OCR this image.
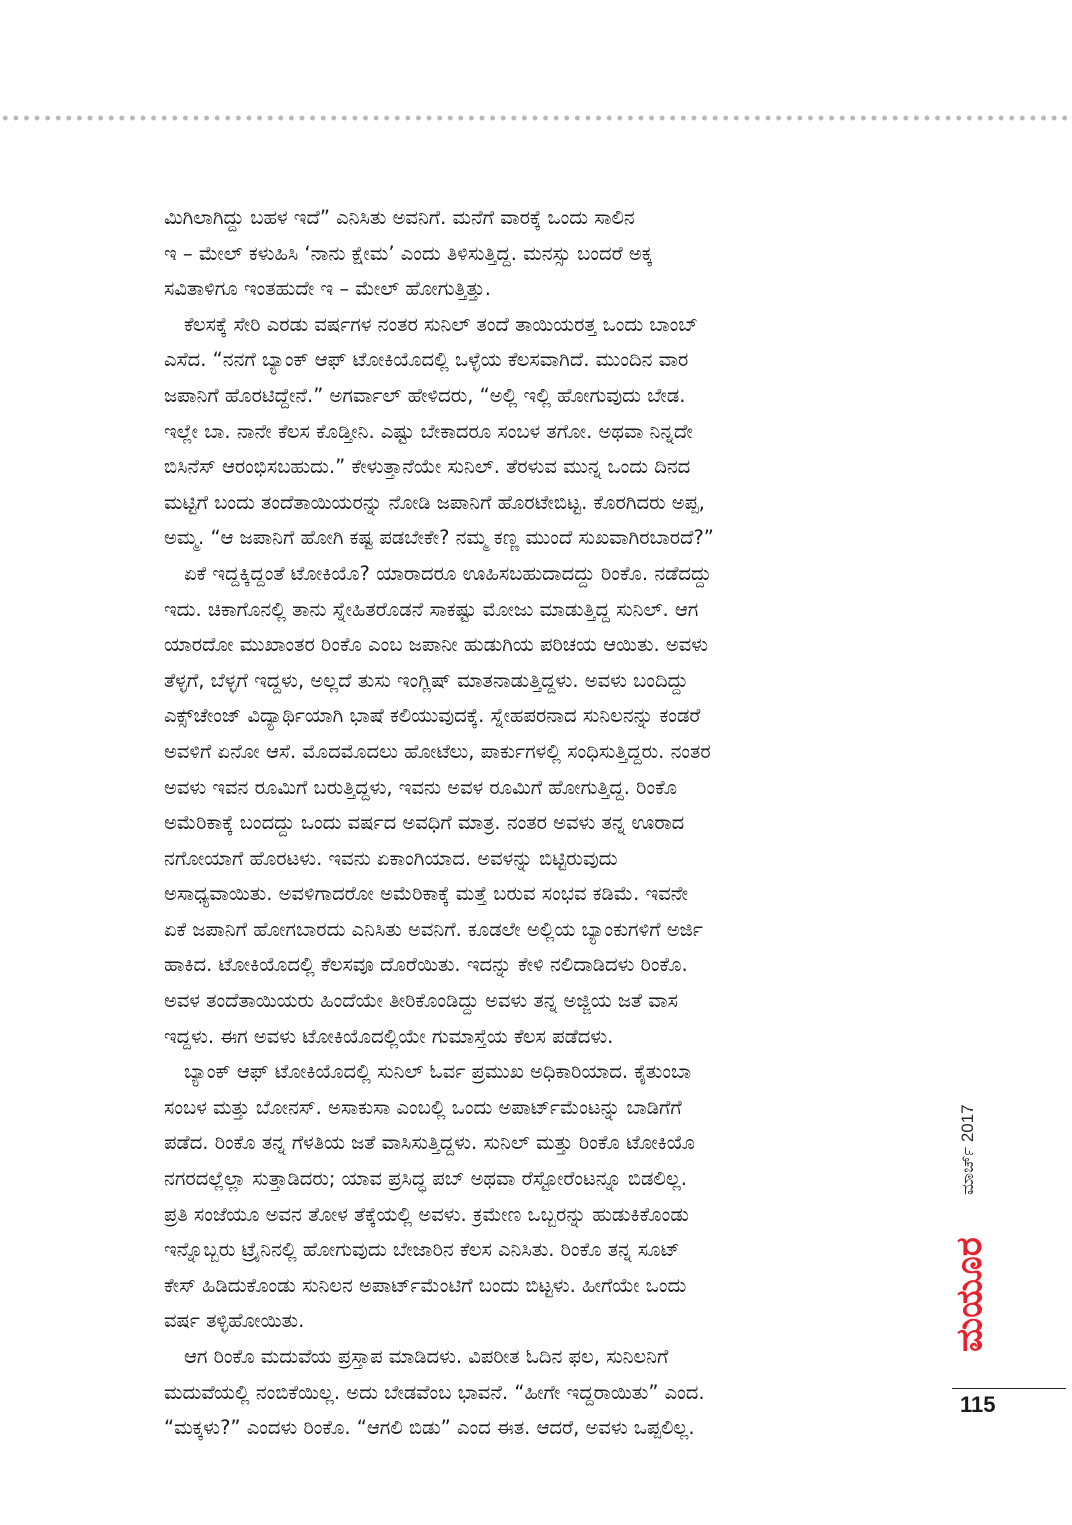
ಮಿಗಿಲಾಗಿದ್ದು ಬಹಳ ಇದೆ” ಎನಿಸಿತು ಅವನಿಗೆ. ಮನೆಗೆ ವಾರಕ್ಕೆ ಒಂದು ಸಾಲಿನ
ಇ – ಮೇಲ್ ಕಳುಹಿಸಿ ‘ನಾನು ಕ್ಷೇಮ’ ಎಂದು ತಿಳಿಸುತ್ತಿದ್ದ. ಮನಸ್ಸು ಬಂದರೆ ಅಕ್ಕ
ಸವಿತಾಳಿಗೂ ಇಂತಹುದೇ ಇ – ಮೇಲ್ ಹೋಗುತ್ತಿತ್ತು.
ಕೆಲಸಕ್ಕೆ ಸೇರಿ ಎರಡು ವರ್ಷಗಳ ನಂತರ ಸುನಿಲ್ ತಂದೆ ತಾಯಿಯರತ್ತ ಒಂದು ಬಾಂಬ್
ಎಸೆದ. “ನನಗೆ ಬ್ಯಾಂಕ್ ಆಫ್ ಟೋಕಿಯೊದಲ್ಲಿ ಒಳ್ಳೆಯ ಕೆಲಸವಾಗಿದೆ. ಮುಂದಿನ ವಾರ
ಜಪಾನಿಗೆ ಹೊರಟಿದ್ದೇನೆ.” ಅಗರ್ವಾಲ್ ಹೇಳಿದರು, “ಅಲ್ಲಿ ಇಲ್ಲಿ ಹೋಗುವುದು ಬೇಡ.
ಇಲ್ಲೇ ಬಾ. ನಾನೇ ಕೆಲಸ ಕೊಡ್ತೀನಿ. ಎಷ್ಟು ಬೇಕಾದರೂ ಸಂಬಳ ತಗೋ. ಅಥವಾ ನಿನ್ನದೇ
ಬಿಸಿನೆಸ್ ಆರಂಭಿಸಬಹುದು.” ಕೇಳುತ್ತಾನೆಯೇ ಸುನಿಲ್. ತೆರಳುವ ಮುನ್ನ ಒಂದು ದಿನದ
ಮಟ್ಟಿಗೆ ಬಂದು ತಂದೆತಾಯಿಯರನ್ನು ನೋಡಿ ಜಪಾನಿಗೆ ಹೊರಟೇಬಿಟ್ಟ. ಕೊರಗಿದರು ಅಪ್ಪ,
ಅಮ್ಮ. “ಆ ಜಪಾನಿಗೆ ಹೋಗಿ ಕಷ್ಟ ಪಡಬೇಕೇ? ನಮ್ಮ ಕಣ್ಣ ಮುಂದೆ ಸುಖವಾಗಿರಬಾರದೆ?”
ಏಕೆ ಇದ್ದಕ್ಕಿದ್ದಂತೆ ಟೋಕಿಯೊ? ಯಾರಾದರೂ ಊಹಿಸಬಹುದಾದದ್ದು ರಿಂಕೊ. ನಡೆದದ್ದು
ಇದು. ಚಿಕಾಗೊನಲ್ಲಿ ತಾನು ಸ್ನೇಹಿತರೊಡನೆ ಸಾಕಷ್ಟು ಮೋಜು ಮಾಡುತ್ತಿದ್ದ ಸುನಿಲ್. ಆಗ
ಯಾರದೋ ಮುಖಾಂತರ ರಿಂಕೊ ಎಂಬ ಜಪಾನೀ ಹುಡುಗಿಯ ಪರಿಚಯ ಆಯಿತು. ಅವಳು
ತೆಳ್ಳಗೆ, ಬೆಳ್ಳಗೆ ಇದ್ದಳು, ಅಲ್ಲದೆ ತುಸು ಇಂಗ್ಲಿಷ್ ಮಾತನಾಡುತ್ತಿದ್ದಳು. ಅವಳು ಬಂದಿದ್ದು
ಎಕ್ಸ್‌ಚೇಂಜ್ ವಿದ್ಯಾರ್ಥಿಯಾಗಿ ಭಾಷೆ ಕಲಿಯುವುದಕ್ಕೆ. ಸ್ನೇಹಪರನಾದ ಸುನಿಲನನ್ನು ಕಂಡರೆ
ಅವಳಿಗೆ ಏನೋ ಆಸೆ. ಮೊದಮೊದಲು ಹೋಟೆಲು, ಪಾರ್ಕುಗಳಲ್ಲಿ ಸಂಧಿಸುತ್ತಿದ್ದರು. ನಂತರ
ಅವಳು ಇವನ ರೂಮಿಗೆ ಬರುತ್ತಿದ್ದಳು, ಇವನು ಅವಳ ರೂಮಿಗೆ ಹೋಗುತ್ತಿದ್ದ. ರಿಂಕೊ
ಅಮೆರಿಕಾಕ್ಕೆ ಬಂದದ್ದು ಒಂದು ವರ್ಷದ ಅವಧಿಗೆ ಮಾತ್ರ. ನಂತರ ಅವಳು ತನ್ನ ಊರಾದ
ನಗೋಯಾಗೆ ಹೊರಟಳು. ಇವನು ಏಕಾಂಗಿಯಾದ. ಅವಳನ್ನು ಬಿಟ್ಟಿರುವುದು
ಅಸಾಧ್ಯವಾಯಿತು. ಅವಳಿಗಾದರೋ ಅಮೆರಿಕಾಕ್ಕೆ ಮತ್ತೆ ಬರುವ ಸಂಭವ ಕಡಿಮೆ. ಇವನೇ
ಏಕೆ ಜಪಾನಿಗೆ ಹೋಗಬಾರದು ಎನಿಸಿತು ಅವನಿಗೆ. ಕೂಡಲೇ ಅಲ್ಲಿಯ ಬ್ಯಾಂಕುಗಳಿಗೆ ಅರ್ಜಿ
ಹಾಕಿದ. ಟೋಕಿಯೊದಲ್ಲಿ ಕೆಲಸವೂ ದೊರೆಯಿತು. ಇದನ್ನು ಕೇಳಿ ನಲಿದಾಡಿದಳು ರಿಂಕೊ.
ಅವಳ ತಂದೆತಾಯಿಯರು ಹಿಂದೆಯೇ ತೀರಿಕೊಂಡಿದ್ದು ಅವಳು ತನ್ನ ಅಜ್ಜಿಯ ಜತೆ ವಾಸ
ಇದ್ದಳು. ಈಗ ಅವಳು ಟೋಕಿಯೊದಲ್ಲಿಯೇ ಗುಮಾಸ್ತೆಯ ಕೆಲಸ ಪಡೆದಳು.
ಬ್ಯಾಂಕ್ ಆಫ್ ಟೋಕಿಯೊದಲ್ಲಿ ಸುನಿಲ್ ಓರ್ವ ಪ್ರಮುಖ ಅಧಿಕಾರಿಯಾದ. ಕೈತುಂಬಾ
ಸಂಬಳ ಮತ್ತು ಬೋನಸ್. ಅಸಾಕುಸಾ ಎಂಬಲ್ಲಿ ಒಂದು ಅಪಾರ್ಟ್‌ಮೆಂಟನ್ನು ಬಾಡಿಗೆಗೆ
ಪಡೆದ. ರಿಂಕೊ ತನ್ನ ಗೆಳತಿಯ ಜತೆ ವಾಸಿಸುತ್ತಿದ್ದಳು. ಸುನಿಲ್ ಮತ್ತು ರಿಂಕೊ ಟೋಕಿಯೊ
ನಗರದಲ್ಲೆಲ್ಲಾ ಸುತ್ತಾಡಿದರು; ಯಾವ ಪ್ರಸಿದ್ಧ ಪಬ್ ಅಥವಾ ರೆಸ್ಟೋರೆಂಟನ್ನೂ ಬಿಡಲಿಲ್ಲ.
ಪ್ರತಿ ಸಂಜೆಯೂ ಅವನ ತೋಳ ತೆಕ್ಕೆಯಲ್ಲಿ ಅವಳು. ಕ್ರಮೇಣ ಒಬ್ಬರನ್ನು ಹುಡುಕಿಕೊಂಡು
ಇನ್ನೊಬ್ಬರು ಟ್ರೈನಿನಲ್ಲಿ ಹೋಗುವುದು ಬೇಜಾರಿನ ಕೆಲಸ ಎನಿಸಿತು. ರಿಂಕೊ ತನ್ನ ಸೂಟ್
ಕೇಸ್ ಹಿಡಿದುಕೊಂಡು ಸುನಿಲನ ಅಪಾರ್ಟ್‌ಮೆಂಟಿಗೆ ಬಂದು ಬಿಟ್ಟಳು. ಹೀಗೆಯೇ ಒಂದು
ವರ್ಷ ತಳ್ಳಿಹೋಯಿತು.
ಆಗ ರಿಂಕೊ ಮದುವೆಯ ಪ್ರಸ್ತಾಪ ಮಾಡಿದಳು. ವಿಪರೀತ ಓದಿನ ಫಲ, ಸುನಿಲನಿಗೆ
ಮದುವೆಯಲ್ಲಿ ನಂಬಿಕೆಯಿಲ್ಲ. ಅದು ಬೇಡವೆಂಬ ಭಾವನೆ. “ಹೀಗೇ ಇದ್ದರಾಯಿತು” ಎಂದ.
“ಮಕ್ಕಳು?” ಎಂದಳು ರಿಂಕೊ. “ಆಗಲಿ ಬಿಡು” ಎಂದ ಈತ. ಆದರೆ, ಅವಳು ಒಪ್ಪಲಿಲ್ಲ.
ಮಾರ್ಚ್ 2017
ಮಯೂರ
115
